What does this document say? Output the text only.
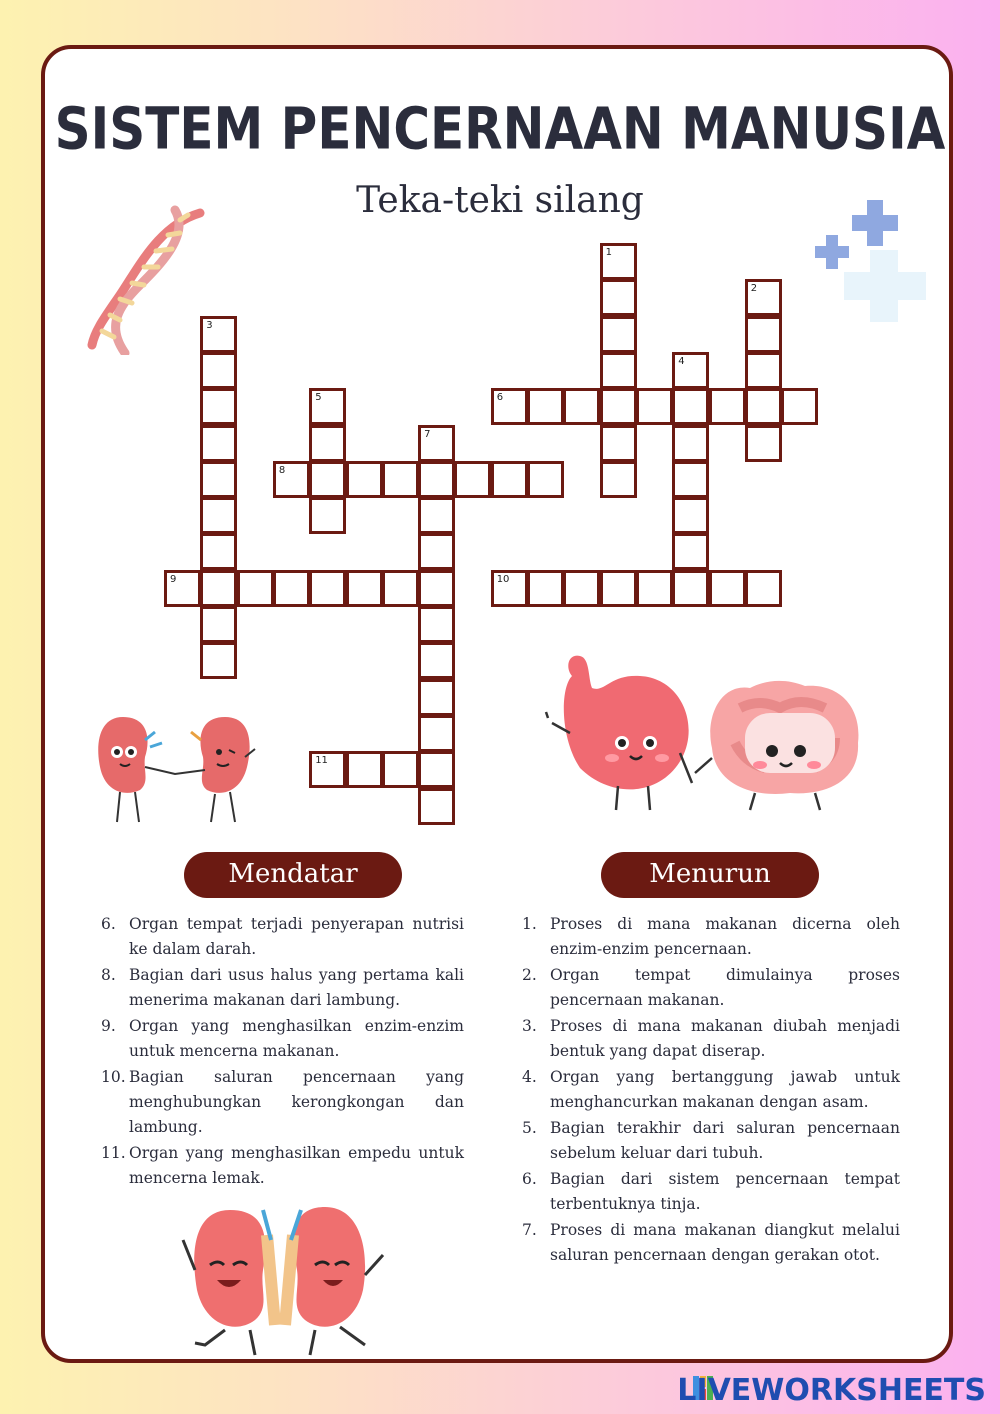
SISTEM PENCERNAAN MANUSIA
Teka-teki silang
1
2
3
4
5	6
7
8
9	10
11
Mendatar	Menurun
6. Organ tempat terjadi penyerapan nutrisi ke dalam darah.
8. Bagian dari usus halus yang pertama kali menerima makanan dari lambung.
9. Organ yang menghasilkan enzim-enzim untuk mencerna makanan.
10. Bagian saluran pencernaan yang menghubungkan kerongkongan dan lambung.
11. Organ yang menghasilkan empedu untuk mencerna lemak.
1. Proses di mana makanan dicerna oleh enzim-enzim pencernaan.
2. Organ tempat dimulainya proses pencernaan makanan.
3. Proses di mana makanan diubah menjadi bentuk yang dapat diserap.
4. Organ yang bertanggung jawab untuk menghancurkan makanan dengan asam.
5. Bagian terakhir dari saluran pencernaan sebelum keluar dari tubuh.
6. Bagian dari sistem pencernaan tempat terbentuknya tinja.
7. Proses di mana makanan diangkut melalui saluran pencernaan dengan gerakan otot.
LIVEWORKSHEETS
